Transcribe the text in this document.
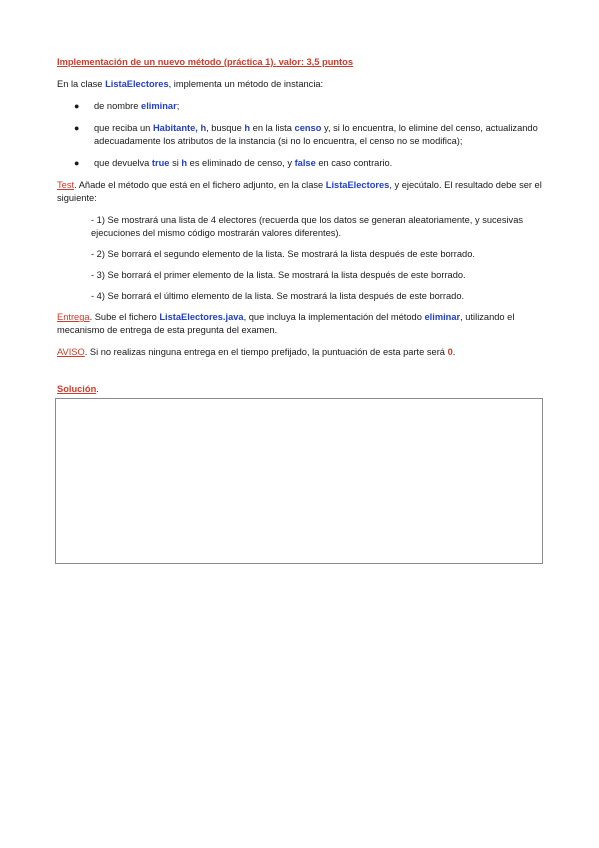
Implementación de un nuevo método (práctica 1). valor: 3,5 puntos

En la clase ListaElectores, implementa un método de instancia:

● de nombre eliminar;
● que reciba un Habitante, h, busque h en la lista censo y, si lo encuentra, lo elimine del censo, actualizando adecuadamente los atributos de la instancia (si no lo encuentra, el censo no se modifica);
● que devuelva true si h es eliminado de censo, y false en caso contrario.

Test. Añade el método que está en el fichero adjunto, en la clase ListaElectores, y ejecútalo. El resultado debe ser el siguiente:

- 1) Se mostrará una lista de 4 electores (recuerda que los datos se generan aleatoriamente, y sucesivas ejecuciones del mismo código mostrarán valores diferentes).

- 2) Se borrará el segundo elemento de la lista. Se mostrará la lista después de este borrado.

- 3) Se borrará el primer elemento de la lista. Se mostrará la lista después de este borrado.

- 4) Se borrará el último elemento de la lista. Se mostrará la lista después de este borrado.

Entrega. Sube el fichero ListaElectores.java, que incluya la implementación del método eliminar, utilizando el mecanismo de entrega de esta pregunta del examen.

AVISO. Si no realizas ninguna entrega en el tiempo prefijado, la puntuación de esta parte será 0.

Solución.
